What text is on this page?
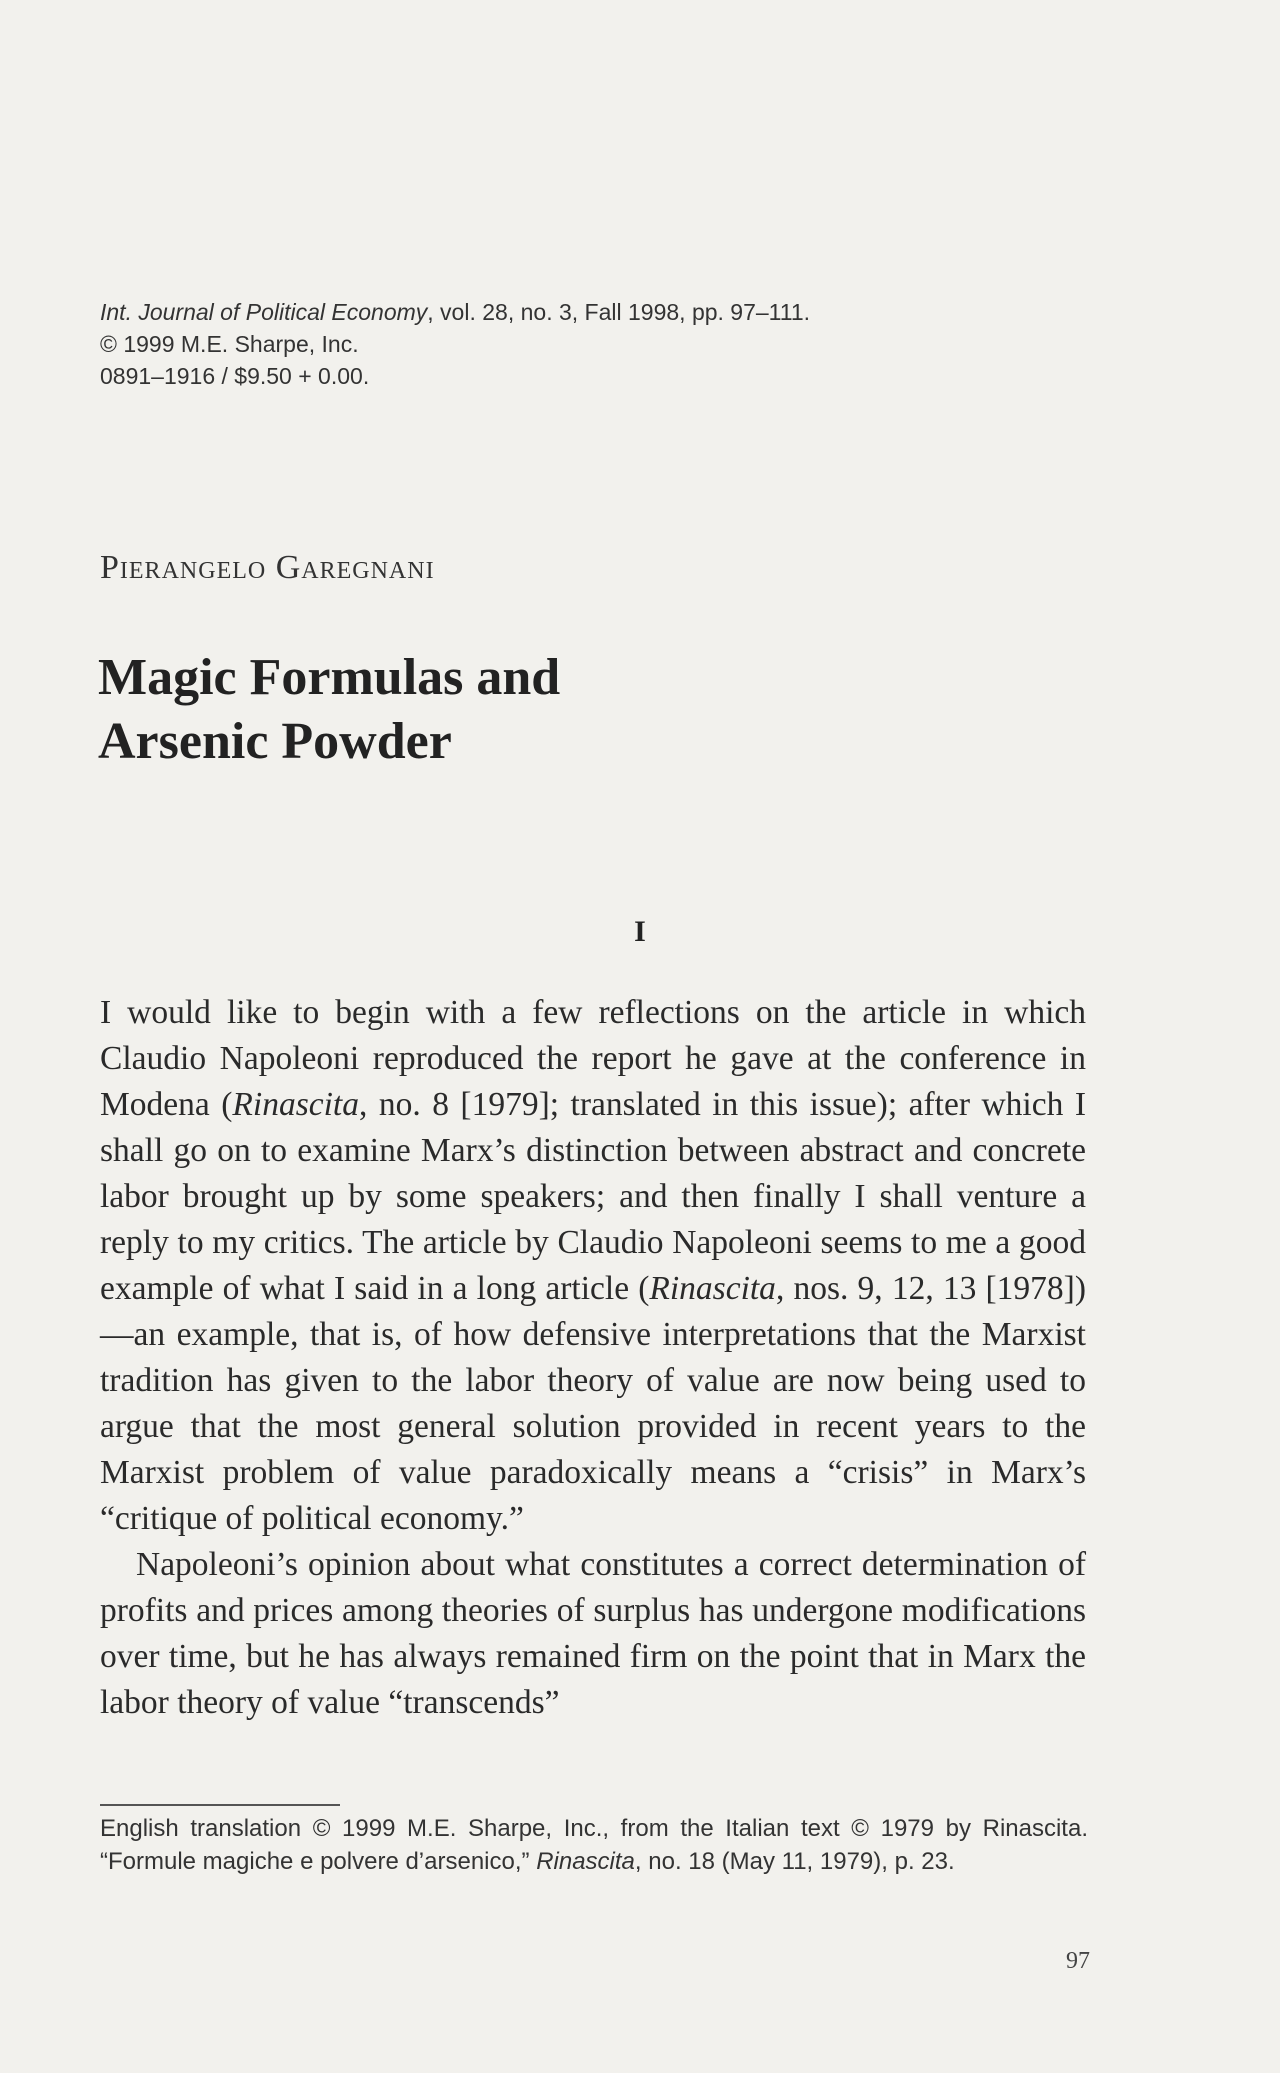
Int. Journal of Political Economy, vol. 28, no. 3, Fall 1998, pp. 97–111.
© 1999 M.E. Sharpe, Inc.
0891–1916 / $9.50 + 0.00.
Pierangelo Garegnani
Magic Formulas and
Arsenic Powder
I

I would like to begin with a few reflections on the article in which Claudio Napoleoni reproduced the report he gave at the conference in Modena (Rinascita, no. 8 [1979]; translated in this issue); after which I shall go on to examine Marx’s distinction between abstract and concrete labor brought up by some speakers; and then finally I shall venture a reply to my critics. The article by Claudio Napoleoni seems to me a good example of what I said in a long article (Rinascita, nos. 9, 12, 13 [1978])—an example, that is, of how defensive interpretations that the Marxist tradition has given to the labor theory of value are now being used to argue that the most general solution provided in recent years to the Marxist problem of value paradoxically means a “crisis” in Marx’s “critique of political economy.”

Napoleoni’s opinion about what constitutes a correct determination of profits and prices among theories of surplus has undergone modifications over time, but he has always remained firm on the point that in Marx the labor theory of value “transcends”

English translation © 1999 M.E. Sharpe, Inc., from the Italian text © 1979 by Rinascita. “Formule magiche e polvere d’arsenico,” Rinascita, no. 18 (May 11, 1979), p. 23.

97
